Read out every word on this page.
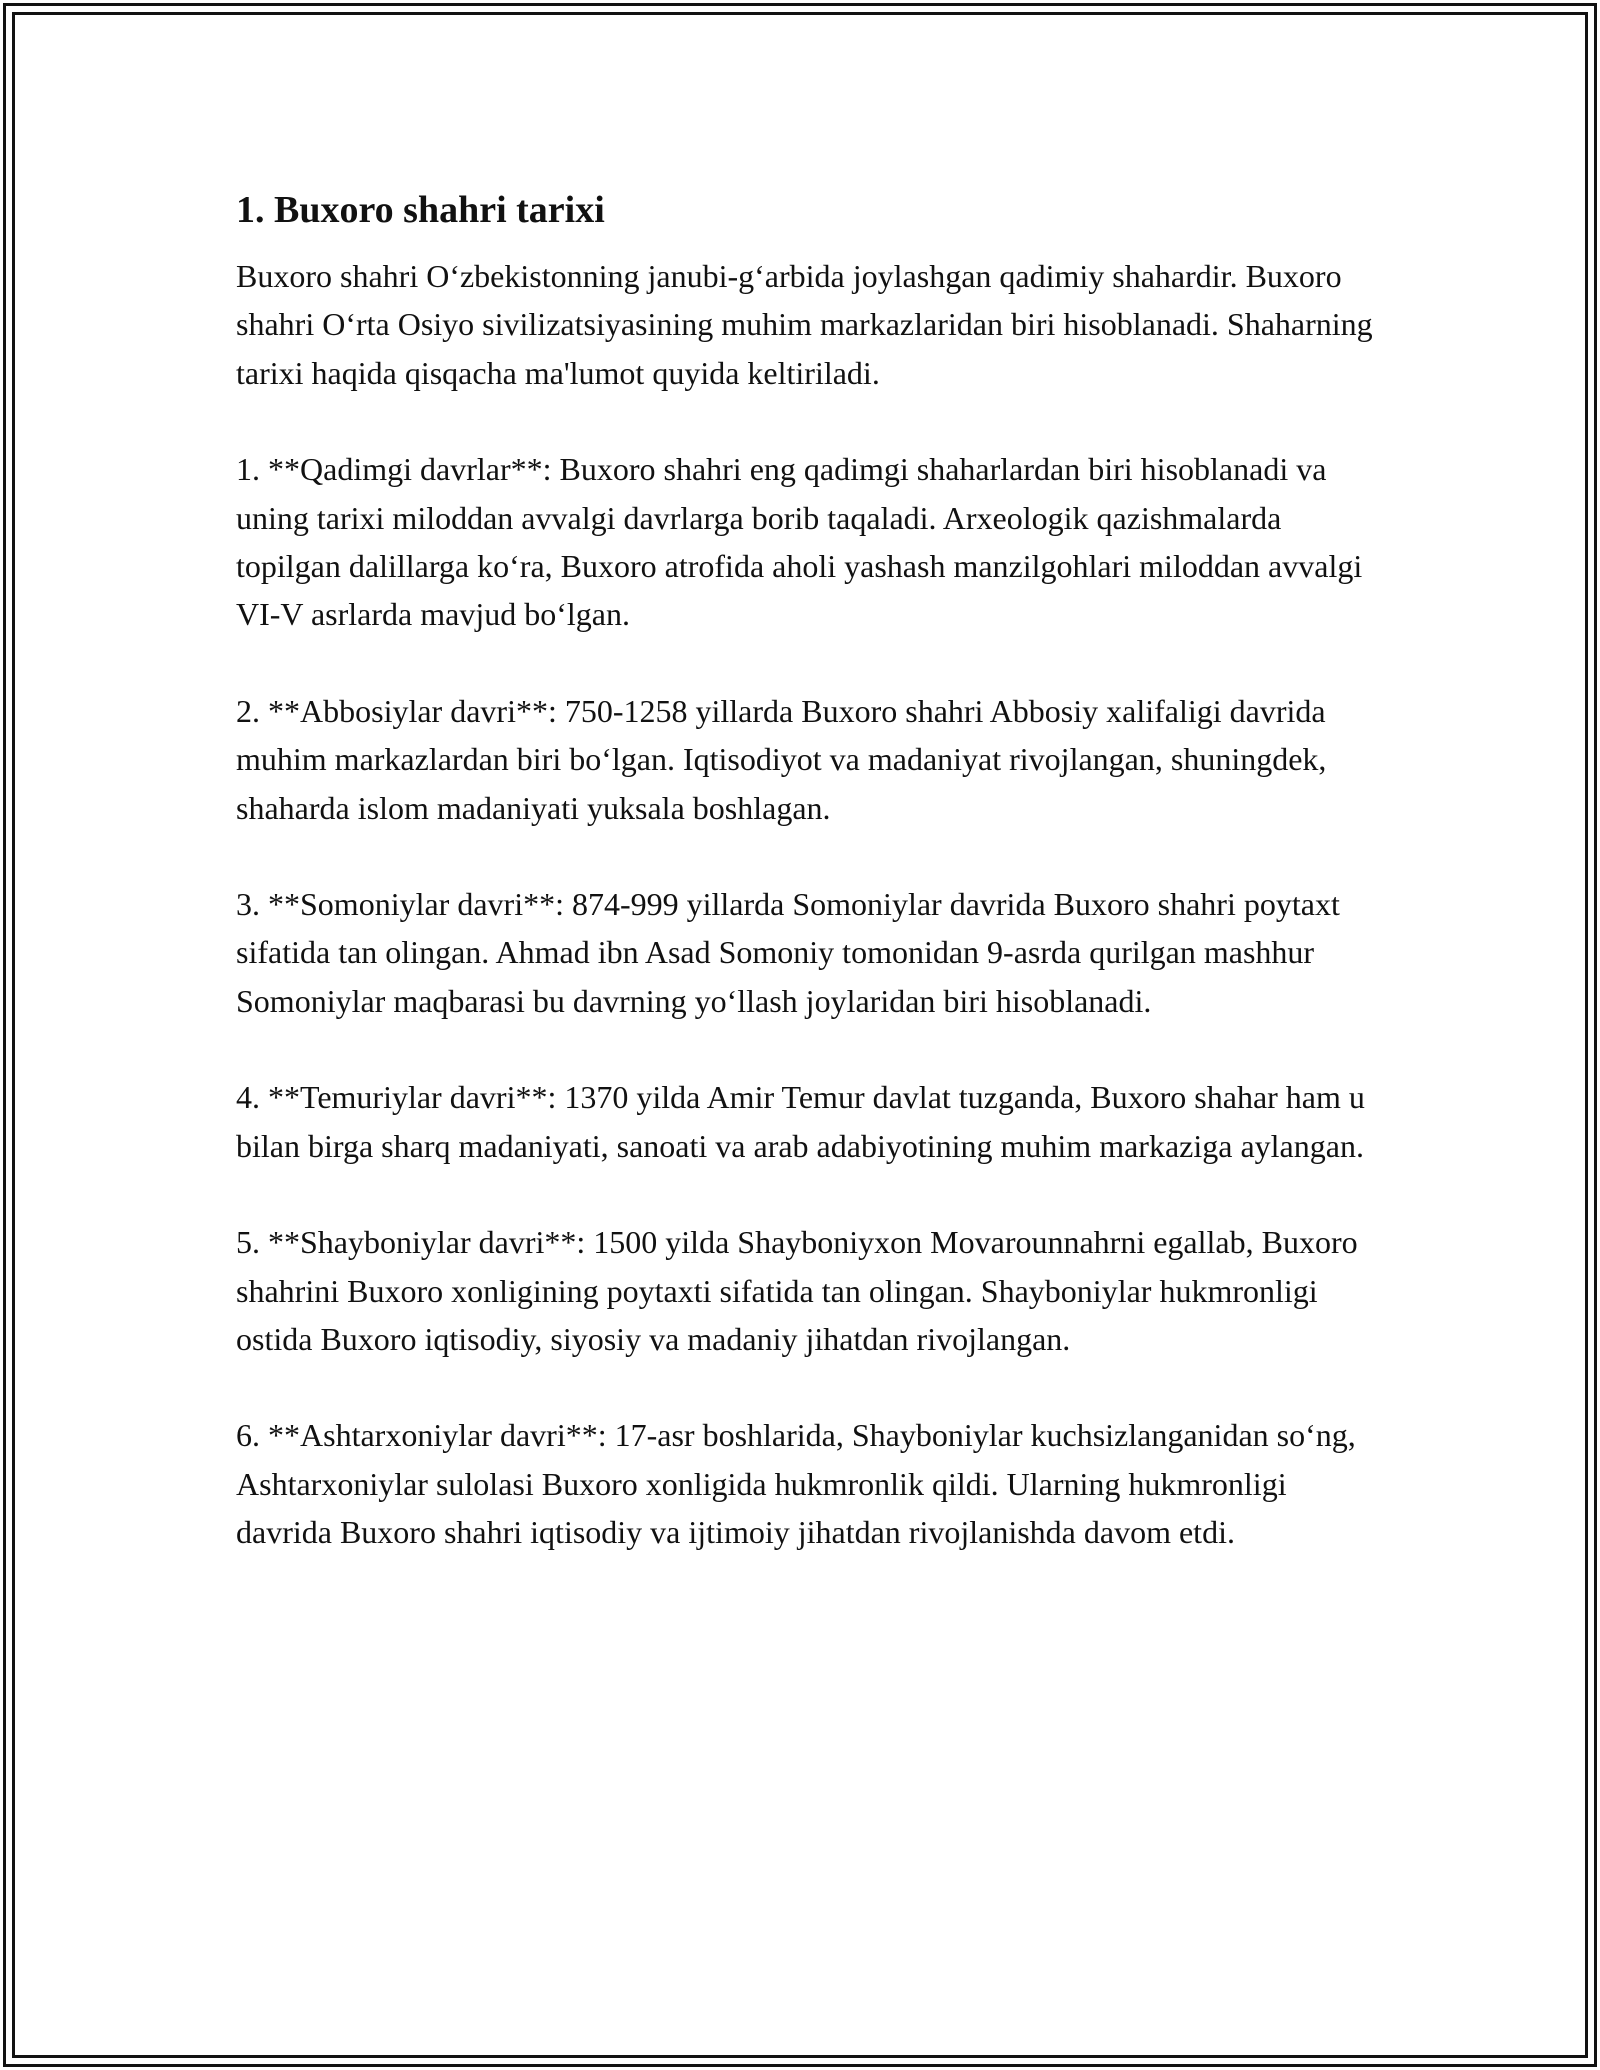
1. Buxoro shahri tarixi

Buxoro shahri O‘zbekistonning janubi-g‘arbida joylashgan qadimiy shahardir. Buxoro shahri O‘rta Osiyo sivilizatsiyasining muhim markazlaridan biri hisoblanadi. Shaharning tarixi haqida qisqacha ma'lumot quyida keltiriladi.

1. **Qadimgi davrlar**: Buxoro shahri eng qadimgi shaharlardan biri hisoblanadi va uning tarixi miloddan avvalgi davrlarga borib taqaladi. Arxeologik qazishmalarda topilgan dalillarga ko‘ra, Buxoro atrofida aholi yashash manzilgohlari miloddan avvalgi VI-V asrlarda mavjud bo‘lgan.

2. **Abbosiylar davri**: 750-1258 yillarda Buxoro shahri Abbosiy xalifaligi davrida muhim markazlardan biri bo‘lgan. Iqtisodiyot va madaniyat rivojlangan, shuningdek, shaharda islom madaniyati yuksala boshlagan.

3. **Somoniylar davri**: 874-999 yillarda Somoniylar davrida Buxoro shahri poytaxt sifatida tan olingan. Ahmad ibn Asad Somoniy tomonidan 9-asrda qurilgan mashhur Somoniylar maqbarasi bu davrning yo‘llash joylaridan biri hisoblanadi.

4. **Temuriylar davri**: 1370 yilda Amir Temur davlat tuzganda, Buxoro shahar ham u bilan birga sharq madaniyati, sanoati va arab adabiyotining muhim markaziga aylangan.

5. **Shayboniylar davri**: 1500 yilda Shayboniyxon Movarounnahrni egallab, Buxoro shahrini Buxoro xonligining poytaxti sifatida tan olingan. Shayboniylar hukmronligi ostida Buxoro iqtisodiy, siyosiy va madaniy jihatdan rivojlangan.

6. **Ashtarxoniylar davri**: 17-asr boshlarida, Shayboniylar kuchsizlanganidan so‘ng, Ashtarxoniylar sulolasi Buxoro xonligida hukmronlik qildi. Ularning hukmronligi davrida Buxoro shahri iqtisodiy va ijtimoiy jihatdan rivojlanishda davom etdi.
